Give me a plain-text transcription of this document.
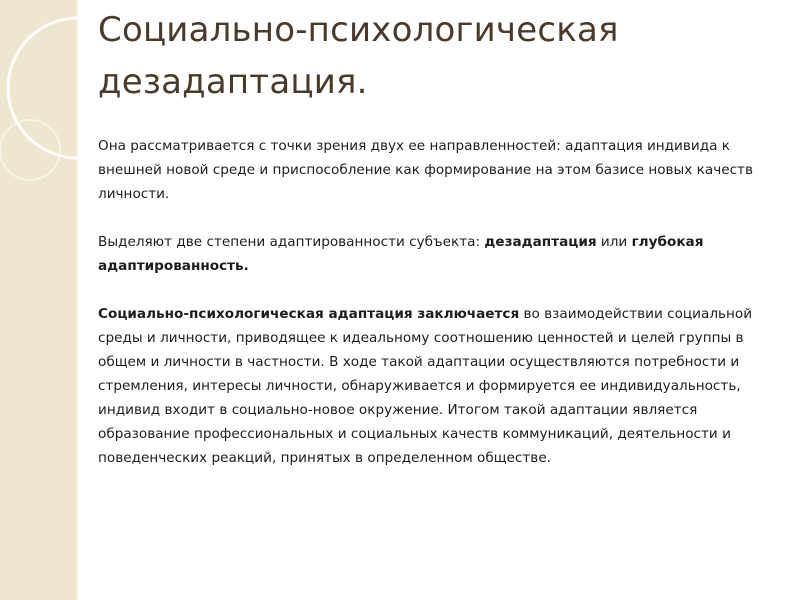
Социально-психологическая
дезадаптация.

Она рассматривается с точки зрения двух ее направленностей: адаптация индивида к внешней новой среде и приспособление как формирование на этом базисе новых качеств личности.

Выделяют две степени адаптированности субъекта: дезадаптация или глубокая адаптированность.

Социально-психологическая адаптация заключается во взаимодействии социальной среды и личности, приводящее к идеальному соотношению ценностей и целей группы в общем и личности в частности. В ходе такой адаптации осуществляются потребности и стремления, интересы личности, обнаруживается и формируется ее индивидуальность, индивид входит в социально-новое окружение. Итогом такой адаптации является образование профессиональных и социальных качеств коммуникаций, деятельности и поведенческих реакций, принятых в определенном обществе.
